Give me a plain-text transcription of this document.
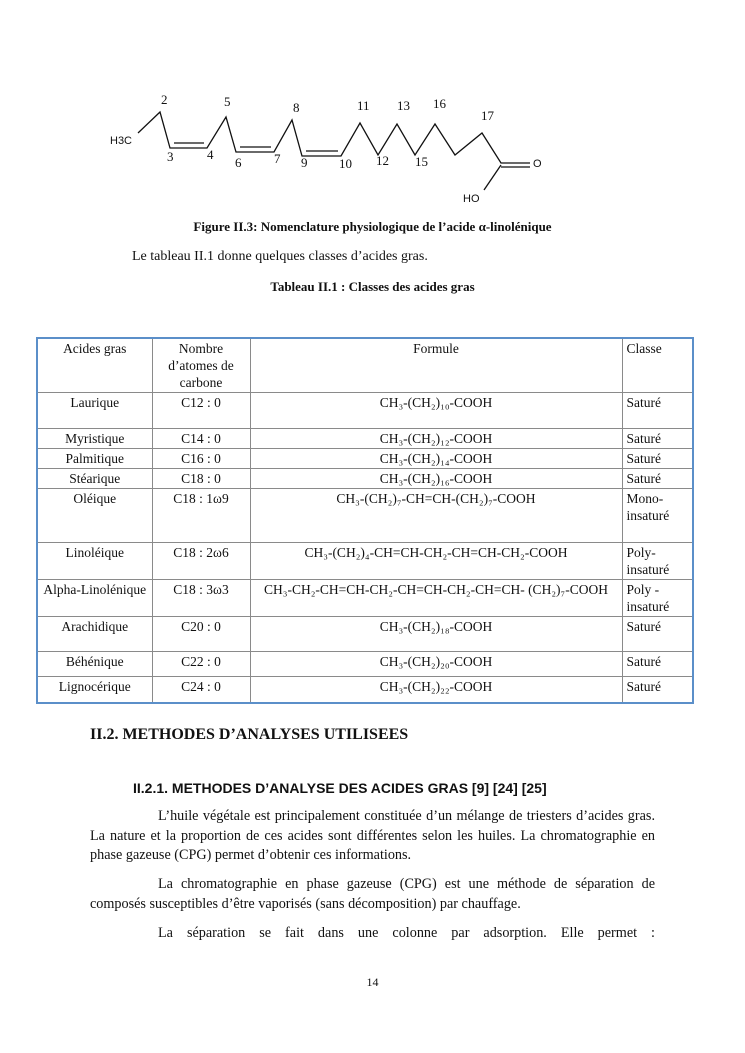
2
3	4
5
6	7
8
9 10
11
12
13
15
16
17
H3C
O
HO
Figure II.3: Nomenclature physiologique de l’acide α-linolénique
Le tableau II.1 donne quelques classes d’acides gras.
Tableau II.1 : Classes des acides gras
Acides gras	Nombre d’atomes de carbone	Formule	Classe
Laurique	C12 : 0	CH₃-(CH₂)₁₀-COOH	Saturé
Myristique	C14 : 0	CH₃-(CH₂)₁₂-COOH	Saturé
Palmitique	C16 : 0	CH₃-(CH₂)₁₄-COOH	Saturé
Stéarique	C18 : 0	CH₃-(CH₂)₁₆-COOH	Saturé
Oléique	C18 : 1ω9	CH₃-(CH₂)₇-CH=CH-(CH₂)₇-COOH	Mono-insaturé
Linoléique	C18 : 2ω6	CH₃-(CH₂)₄-CH=CH-CH₂-CH=CH-CH₂-COOH	Poly-insaturé
Alpha-Linolénique	C18 : 3ω3	CH₃-CH₂-CH=CH-CH₂-CH=CH-CH₂-CH=CH- (CH₂)₇-COOH	Poly -insaturé
Arachidique	C20 : 0	CH₃-(CH₂)₁₈-COOH	Saturé
Béhénique	C22 : 0	CH₃-(CH₂)₂₀-COOH	Saturé
Lignocérique	C24 : 0	CH₃-(CH₂)₂₂-COOH	Saturé
II.2. METHODES D’ANALYSES UTILISEES
II.2.1. METHODES D’ANALYSE DES ACIDES GRAS [9] [24] [25]
L’huile végétale est principalement constituée d’un mélange de triesters d’acides gras. La nature et la proportion de ces acides sont différentes selon les huiles. La chromatographie en phase gazeuse (CPG) permet d’obtenir ces informations.
La chromatographie en phase gazeuse (CPG) est une méthode de séparation de composés susceptibles d’être vaporisés (sans décomposition) par chauffage.
La séparation se fait dans une colonne par adsorption. Elle permet :
14
